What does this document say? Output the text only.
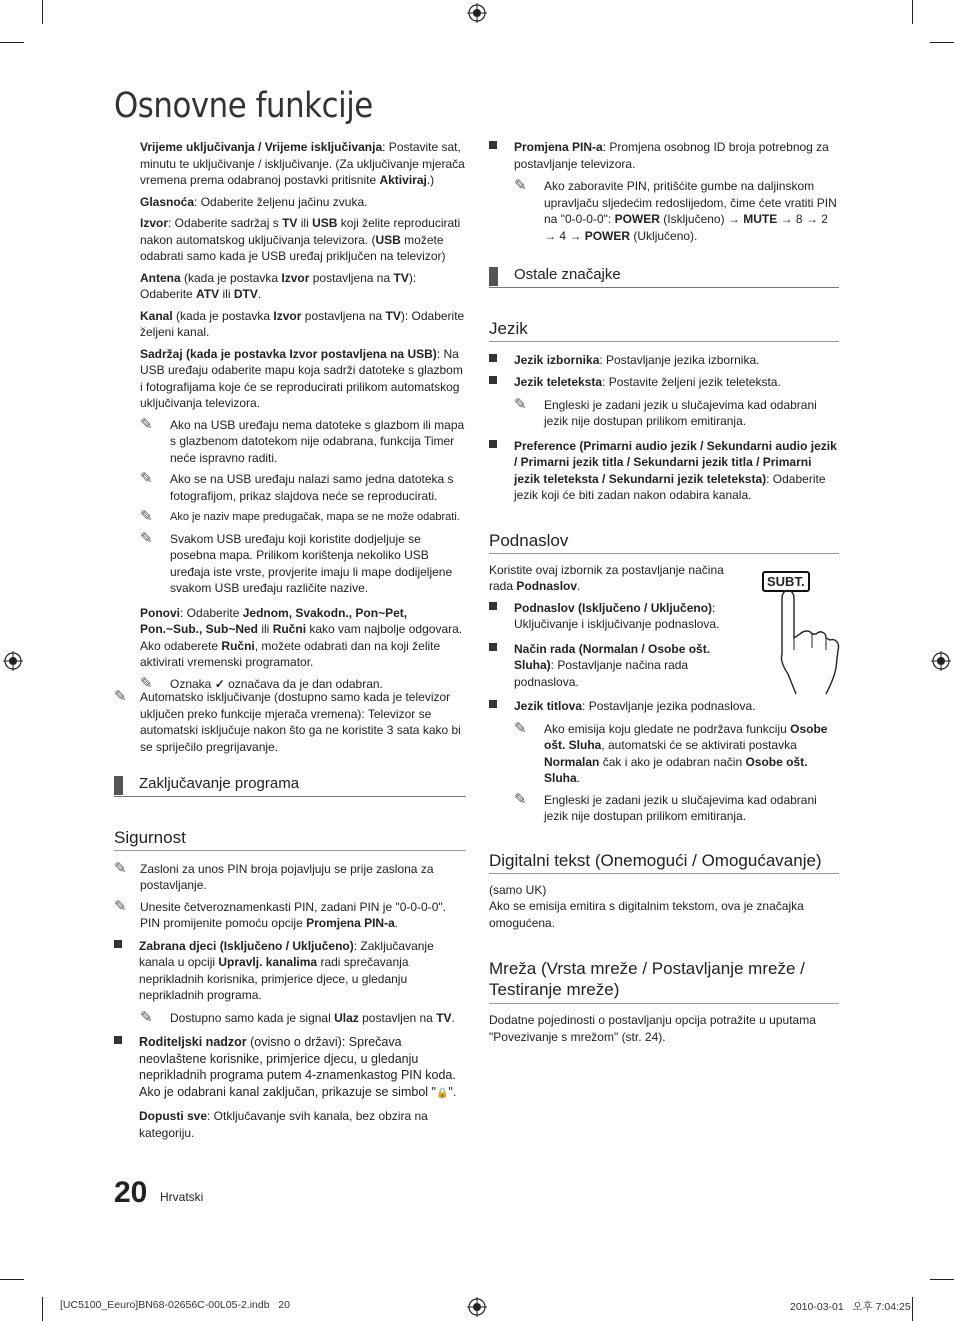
Osnovne funkcije

Vrijeme uključivanja / Vrijeme isključivanja: Postavite sat, minutu te uključivanje / isključivanje. (Za uključivanje mjerača vremena prema odabranoj postavki pritisnite Aktiviraj.)

Glasnoća: Odaberite željenu jačinu zvuka.

Izvor: Odaberite sadržaj s TV ili USB koji želite reproducirati nakon automatskog uključivanja televizora. (USB možete odabrati samo kada je USB uređaj priključen na televizor)

Antena (kada je postavka Izvor postavljena na TV): Odaberite ATV ili DTV.

Kanal (kada je postavka Izvor postavljena na TV): Odaberite željeni kanal.

Sadržaj (kada je postavka Izvor postavljena na USB): Na USB uređaju odaberite mapu koja sadrži datoteke s glazbom i fotografijama koje će se reproducirati prilikom automatskog uključivanja televizora.

✎ Ako na USB uređaju nema datoteke s glazbom ili mapa s glazbenom datotekom nije odabrana, funkcija Timer neće ispravno raditi.
✎ Ako se na USB uređaju nalazi samo jedna datoteka s fotografijom, prikaz slajdova neće se reproducirati.
✎ Ako je naziv mape predugačak, mapa se ne može odabrati.
✎ Svakom USB uređaju koji koristite dodjeljuje se posebna mapa. Prilikom korištenja nekoliko USB uređaja iste vrste, provjerite imaju li mape dodijeljene svakom USB uređaju različite nazive.

Ponovi: Odaberite Jednom, Svakodn., Pon~Pet, Pon.~Sub., Sub~Ned ili Ručni kako vam najbolje odgovara. Ako odaberete Ručni, možete odabrati dan na koji želite aktivirati vremenski programator.

✎ Oznaka ✓ označava da je dan odabran.
✎ Automatsko isključivanje (dostupno samo kada je televizor uključen preko funkcije mjerača vremena): Televizor se automatski isključuje nakon što ga ne koristite 3 sata kako bi se spriječilo pregrijavanje.
Zaključavanje programa
Sigurnost
✎ Zasloni za unos PIN broja pojavljuju se prije zaslona za postavljanje.
✎ Unesite četveroznamenkasti PIN, zadani PIN je "0-0-0-0". PIN promijenite pomoću opcije Promjena PIN-a.
Zabrana djeci (Isključeno / Uključeno): Zaključavanje kanala u opciji Upravlj. kanalima radi sprečavanja neprikladnih korisnika, primjerice djece, u gledanju neprikladnih programa.
✎ Dostupno samo kada je signal Ulaz postavljen na TV.
Roditeljski nadzor (ovisno o državi): Sprečava neovlaštene korisnike, primjerice djecu, u gledanju neprikladnih programa putem 4-znamenkastog PIN koda. Ako je odabrani kanal zaključan, prikazuje se simbol "🔒".

Dopusti sve: Otključavanje svih kanala, bez obzira na kategoriju.

Promjena PIN-a: Promjena osobnog ID broja potrebnog za postavljanje televizora.
✎ Ako zaboravite PIN, pritišćite gumbe na daljinskom upravljaču sljedećim redoslijedom, čime ćete vratiti PIN na "0-0-0-0": POWER (Isključeno) → MUTE → 8 → 2 → 4 → POWER (Uključeno).
Ostale značajke
Jezik
Jezik izbornika: Postavljanje jezika izbornika.
Jezik teleteksta: Postavite željeni jezik teleteksta.
✎ Engleski je zadani jezik u slučajevima kad odabrani jezik nije dostupan prilikom emitiranja.
Preference (Primarni audio jezik / Sekundarni audio jezik / Primarni jezik titla / Sekundarni jezik titla / Primarni jezik teleteksta / Sekundarni jezik teleteksta): Odaberite jezik koji će biti zadan nakon odabira kanala.
Podnaslov

Koristite ovaj izbornik za postavljanje načina rada Podnaslov.

Podnaslov (Isključeno / Uključeno): Uključivanje i isključivanje podnaslova.
Način rada (Normalan / Osobe ošt. Sluha): Postavljanje načina rada podnaslova.
Jezik titlova: Postavljanje jezika podnaslova.
✎ Ako emisija koju gledate ne podržava funkciju Osobe ošt. Sluha, automatski će se aktivirati postavka Normalan čak i ako je odabran način Osobe ošt. Sluha.
✎ Engleski je zadani jezik u slučajevima kad odabrani jezik nije dostupan prilikom emitiranja.
SUBT.
Digitalni tekst (Onemogući / Omogućavanje)

(samo UK)

Ako se emisija emitira s digitalnim tekstom, ova je značajka omogućena.

Mreža (Vrsta mreže / Postavljanje mreže / Testiranje mreže)

Dodatne pojedinosti o postavljanju opcija potražite u uputama "Povezivanje s mrežom" (str. 24).

20 Hrvatski
[UC5100_Eeuro]BN68-02656C-00L05-2.indb   20	2010-03-01   오후 7:04:25
